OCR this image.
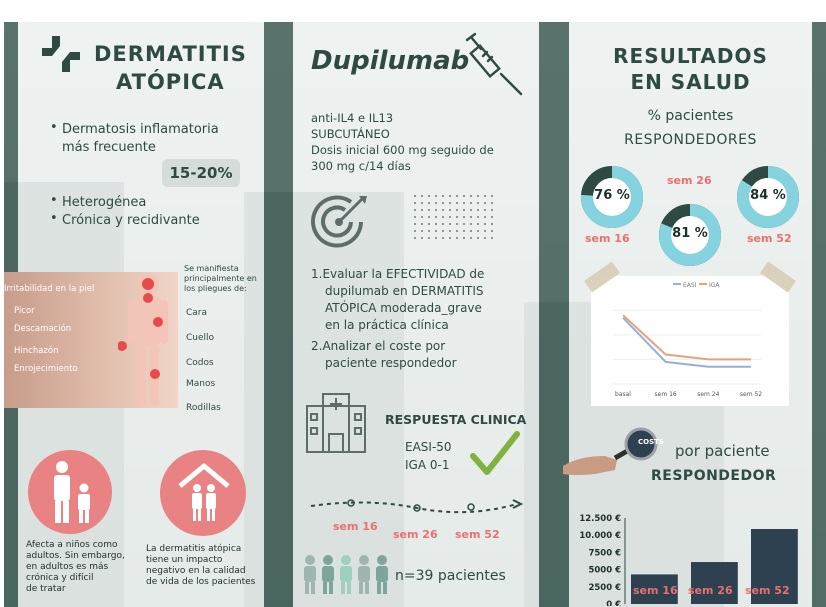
DERMATITIS
ATÓPICA
• Dermatosis inflamatoria
más frecuente
15-20%
• Heterogénea
• Crónica y recidivante
Irritabilidad en la piel
Picor
Descamación
Hinchazón
Enrojecimiento
Se manifiesta
principalmente en
los pliegues de:
Cara
Cuello
Codos
Manos
Rodillas
Afecta a niños como
adultos. Sin embargo,
en adultos es más
crónica y difícil
de tratar
La dermatitis atópica
tiene un impacto
negativo en la calidad
de vida de los pacientes
Dupilumab
anti-IL4 e IL13
SUBCUTÁNEO
Dosis inicial 600 mg seguido de
300 mg c/14 días
1. Evaluar la EFECTIVIDAD de
dupilumab en DERMATITIS
ATÓPICA moderada_grave
en la práctica clínica
2. Analizar el coste por
paciente respondedor
RESPUESTA CLINICA
EASI-50
IGA 0-1
sem 16
sem 26 sem 52
n=39 pacientes
RESULTADOS
EN SALUD
% pacientes
RESPONDEDORES
76 %
sem 16	81 %
sem 26
84 %
sem 52
EASI IGA
basal	sem 16	sem 24	sem 52
COSTS por paciente
RESPONDEDOR
12.500 €
10.000 €
7500 €
5000 €
2500 €
0 €
sem 16 sem 26 sem 52
